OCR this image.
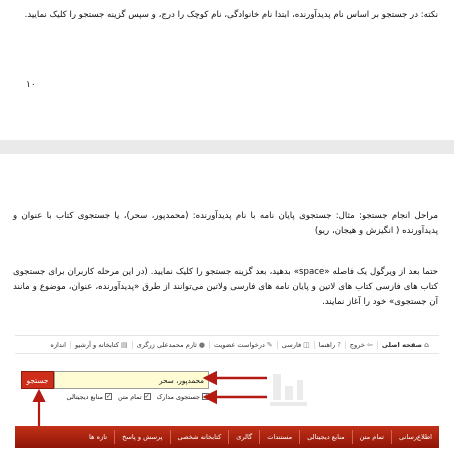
نکته: در جستجو بر اساس نام پدیدآورنده، ابتدا نام خانوادگی، نام کوچک را درج، و سپس گزینه جستجو را کلیک نمایید.

۱۰

مراحل انجام جستجو: مثال: جستجوی پایان نامه با نام پدیدآورنده: (محمدپور، سحر)، یا جستجوی کتاب با عنوان و پدیدآورنده ( انگیزش و هیجان، ریو)

حتما بعد از ویرگول یک فاصله «space» بدهید، بعد گزینه جستجو را کلیک نمایید. (در این مرحله کاربران برای جستجوی کتاب های فارسی کتاب های لاتین و پایان نامه های فارسی ولاتین می‌توانند از طرق «پدیدآورنده، عنوان، موضوع و مانند آن جستجوی» خود را آغاز نمایند.

⌂
صفحه اصلی
⇦
خروج
?
راهنما
◫
فارسی
✎
درخواست عضویت
●
ثارم محمدعلی زرگری
▤
کتابخانه و آرشیو
اندازه
جستجو
محمدپور، سحر
✓
جستجوی مدارک
✓
تمام متن
✓
منابع دیجیتالی
اطلاع‌رسانی
تمام متن
منابع دیجیتالی
مستندات
گالری
کتابخانه شخصی
پرسش و پاسخ
تازه ها
